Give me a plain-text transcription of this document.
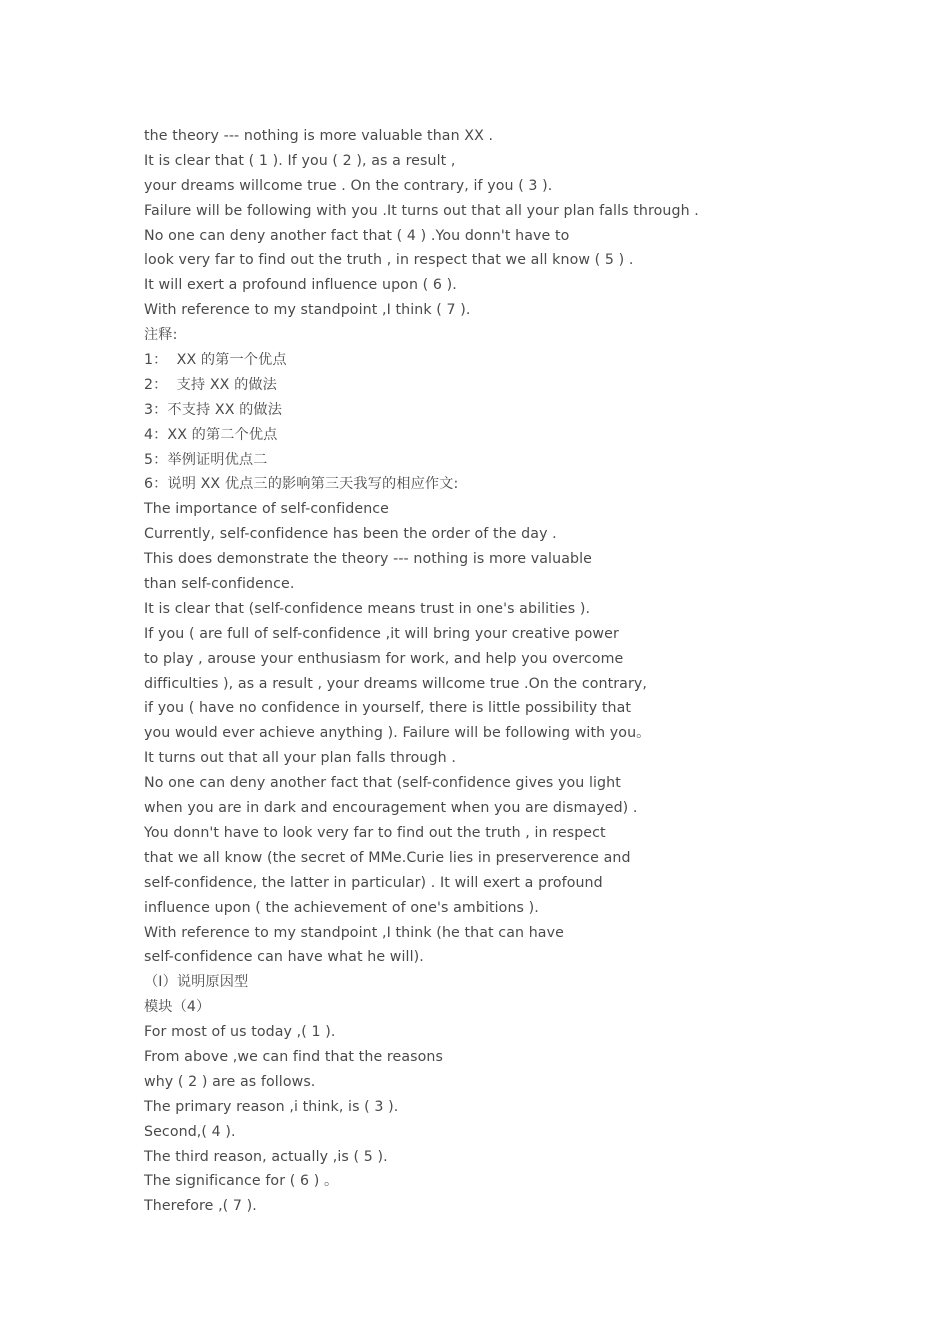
the theory --- nothing is more valuable than XX .
It is clear that ( 1 ). If you ( 2 ), as a result ,
your dreams willcome true . On the contrary, if you ( 3 ).
Failure will be following with you .It turns out that all your plan falls through .
No one can deny another fact that ( 4 ) .You donn't have to
look very far to find out the truth , in respect that we all know ( 5 ) .
It will exert a profound influence upon ( 6 ).
With reference to my standpoint ,I think ( 7 ).
注释:
1：  XX 的第一个优点
2：  支持 XX 的做法
3：不支持 XX 的做法
4：XX 的第二个优点
5：举例证明优点二
6：说明 XX 优点三的影响第三天我写的相应作文:
The importance of self-confidence
Currently, self-confidence has been the order of the day .
This does demonstrate the theory --- nothing is more valuable
than self-confidence.
It is clear that (self-confidence means trust in one's abilities ).
If you ( are full of self-confidence ,it will bring your creative power
to play , arouse your enthusiasm for work, and help you overcome
difficulties ), as a result , your dreams willcome true .On the contrary,
if you ( have no confidence in yourself, there is little possibility that
you would ever achieve anything ). Failure will be following with you。
It turns out that all your plan falls through .
No one can deny another fact that (self-confidence gives you light
when you are in dark and encouragement when you are dismayed) .
You donn't have to look very far to find out the truth , in respect
that we all know (the secret of MMe.Curie lies in preserverence and
self-confidence, the latter in particular) . It will exert a profound
influence upon ( the achievement of one's ambitions ).
With reference to my standpoint ,I think (he that can have
self-confidence can have what he will).
（I）说明原因型
模块（4）
For most of us today ,( 1 ).
From above ,we can find that the reasons
why ( 2 ) are as follows.
The primary reason ,i think, is ( 3 ).
Second,( 4 ).
The third reason, actually ,is ( 5 ).
The significance for ( 6 ) 。
Therefore ,( 7 ).
